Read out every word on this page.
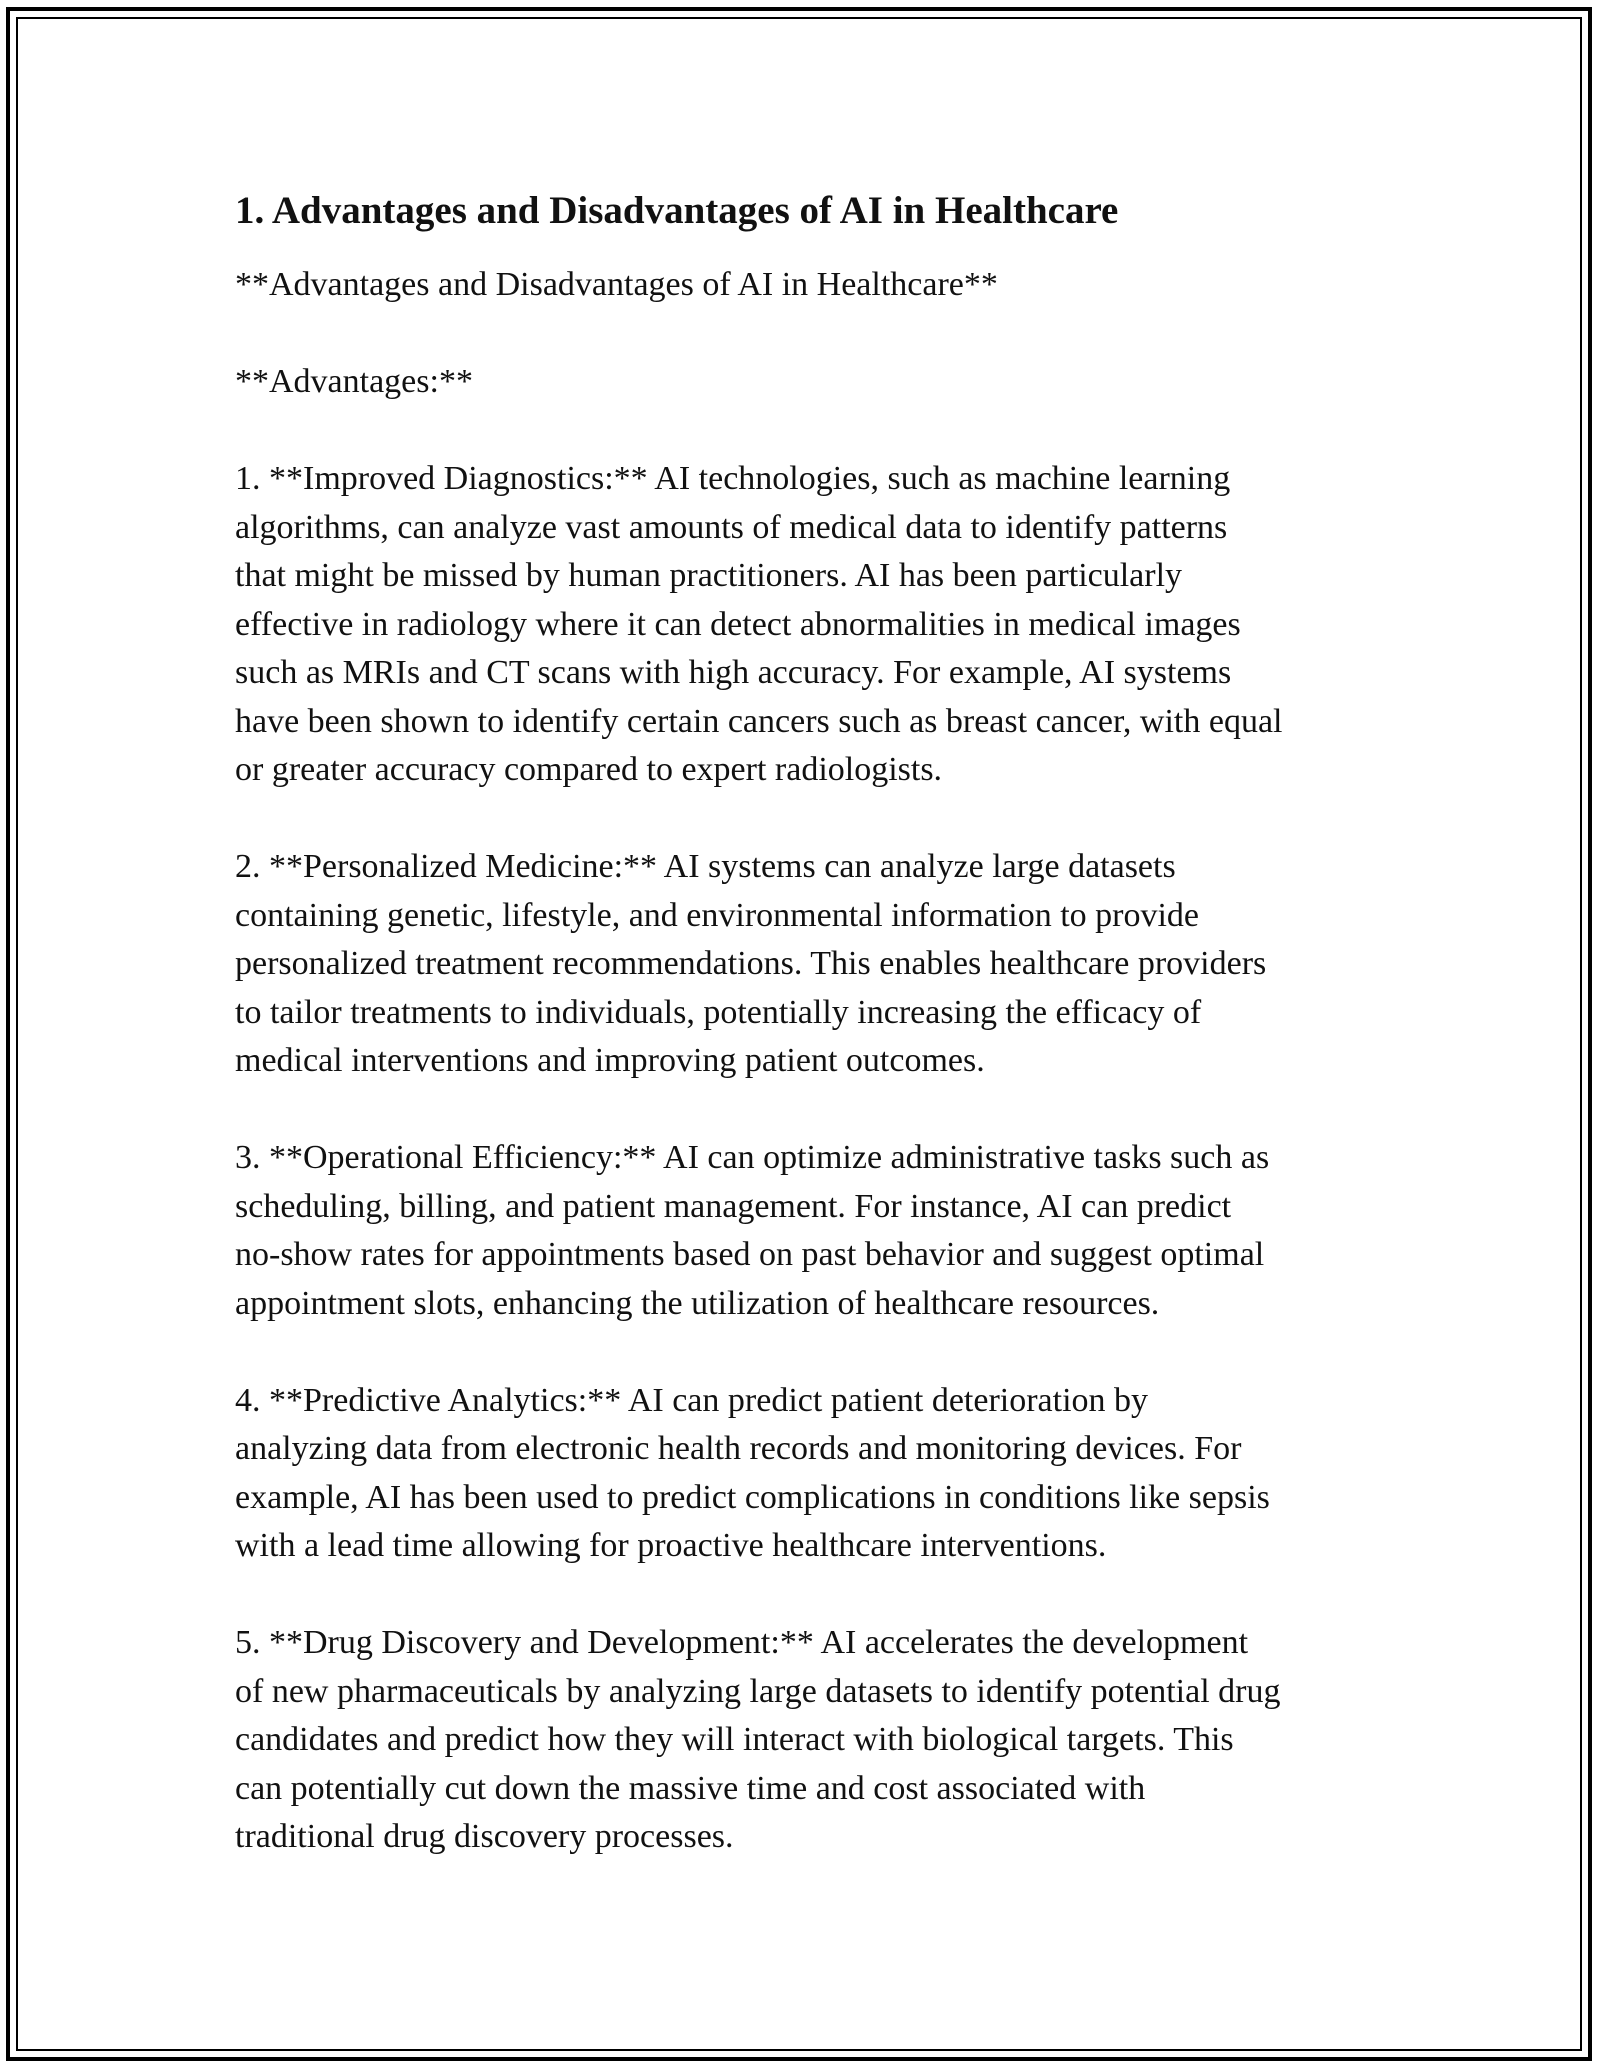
1. Advantages and Disadvantages of AI in Healthcare

**Advantages and Disadvantages of AI in Healthcare**

**Advantages:**

1. **Improved Diagnostics:** AI technologies, such as machine learning
algorithms, can analyze vast amounts of medical data to identify patterns
that might be missed by human practitioners. AI has been particularly
effective in radiology where it can detect abnormalities in medical images
such as MRIs and CT scans with high accuracy. For example, AI systems
have been shown to identify certain cancers such as breast cancer, with equal
or greater accuracy compared to expert radiologists.

2. **Personalized Medicine:** AI systems can analyze large datasets
containing genetic, lifestyle, and environmental information to provide
personalized treatment recommendations. This enables healthcare providers
to tailor treatments to individuals, potentially increasing the efficacy of
medical interventions and improving patient outcomes.

3. **Operational Efficiency:** AI can optimize administrative tasks such as
scheduling, billing, and patient management. For instance, AI can predict
no-show rates for appointments based on past behavior and suggest optimal
appointment slots, enhancing the utilization of healthcare resources.

4. **Predictive Analytics:** AI can predict patient deterioration by
analyzing data from electronic health records and monitoring devices. For
example, AI has been used to predict complications in conditions like sepsis
with a lead time allowing for proactive healthcare interventions.

5. **Drug Discovery and Development:** AI accelerates the development
of new pharmaceuticals by analyzing large datasets to identify potential drug
candidates and predict how they will interact with biological targets. This
can potentially cut down the massive time and cost associated with
traditional drug discovery processes.
